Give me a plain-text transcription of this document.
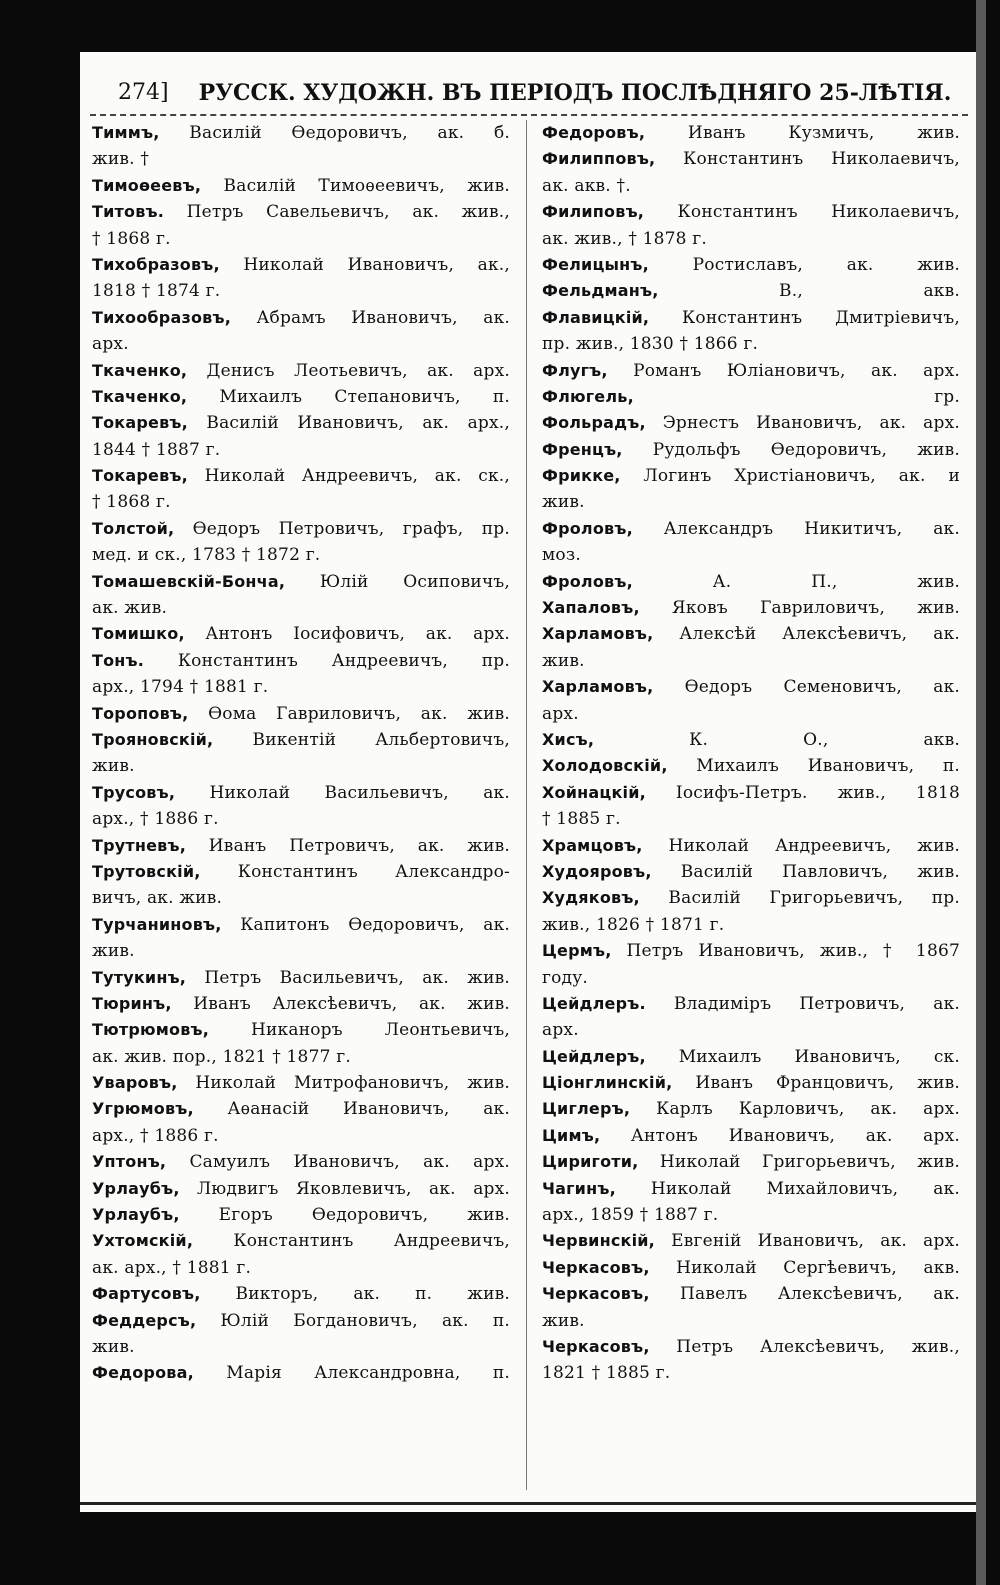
274] РУССК. ХУДОЖН. ВЪ ПЕРІОДЪ ПОСЛѢДНЯГО 25-ЛѢТІЯ.
Тиммъ, Василій Ѳедоровичъ, ак. б.
жив. †
Тимоѳеевъ, Василій Тимоѳеевичъ, жив.
Титовъ. Петръ Савельевичъ, ак. жив.,
† 1868 г.
Тихобразовъ, Николай Ивановичъ, ак.,
1818 † 1874 г.
Тихообразовъ, Абрамъ Ивановичъ, ак.
арх.
Ткаченко, Денисъ Леотьевичъ, ак. арх.
Ткаченко, Михаилъ Степановичъ, п.
Токаревъ, Василій Ивановичъ, ак. арх.,
1844 † 1887 г.
Токаревъ, Николай Андреевичъ, ак. ск.,
† 1868 г.
Толстой, Ѳедоръ Петровичъ, графъ, пр.
мед. и ск., 1783 † 1872 г.
Томашевскій-Бонча, Юлій Осиповичъ,
ак. жив.
Томишко, Антонъ Іосифовичъ, ак. арх.
Тонъ. Константинъ Андреевичъ, пр.
арх., 1794 † 1881 г.
Тороповъ, Ѳома Гавриловичъ, ак. жив.
Трояновскій, Викентій Альбертовичъ,
жив.
Трусовъ, Николай Васильевичъ, ак.
арх., † 1886 г.
Трутневъ, Иванъ Петровичъ, ак. жив.
Трутовскій, Константинъ Александро-
вичъ, ак. жив.
Турчаниновъ, Капитонъ Ѳедоровичъ, ак.
жив.
Тутукинъ, Петръ Васильевичъ, ак. жив.
Тюринъ, Иванъ Алексѣевичъ, ак. жив.
Тютрюмовъ, Никаноръ Леонтьевичъ,
ак. жив. пор., 1821 † 1877 г.
Уваровъ, Николай Митрофановичъ, жив.
Угрюмовъ, Аѳанасій Ивановичъ, ак.
арх., † 1886 г.
Уптонъ, Самуилъ Ивановичъ, ак. арх.
Урлаубъ, Людвигъ Яковлевичъ, ак. арх.
Урлаубъ, Егоръ Ѳедоровичъ, жив.
Ухтомскій, Константинъ Андреевичъ,
ак. арх., † 1881 г.
Фартусовъ, Викторъ, ак. п. жив.
Феддерсъ, Юлій Богдановичъ, ак. п.
жив.
Федорова, Марія Александровна, п.
Федоровъ, Иванъ Кузмичъ, жив.
Филипповъ, Константинъ Николаевичъ,
ак. акв. †.
Филиповъ, Константинъ Николаевичъ,
ак. жив., † 1878 г.
Фелицынъ, Ростиславъ, ак. жив.
Фельдманъ, В., акв.
Флавицкій, Константинъ Дмитріевичъ,
пр. жив., 1830 † 1866 г.
Флугъ, Романъ Юліановичъ, ак. арх.
Флюгель, гр.
Фольрадъ, Эрнестъ Ивановичъ, ак. арх.
Френцъ, Рудольфъ Ѳедоровичъ, жив.
Фрикке, Логинъ Христіановичъ, ак. и
жив.
Фроловъ, Александръ Никитичъ, ак.
моз.
Фроловъ, А. П., жив.
Хапаловъ, Яковъ Гавриловичъ, жив.
Харламовъ, Алексѣй Алексѣевичъ, ак.
жив.
Харламовъ, Ѳедоръ Семеновичъ, ак.
арх.
Хисъ, К. О., акв.
Холодовскій, Михаилъ Ивановичъ, п.
Хойнацкій, Іосифъ-Петръ. жив., 1818
† 1885 г.
Храмцовъ, Николай Андреевичъ, жив.
Худояровъ, Василій Павловичъ, жив.
Худяковъ, Василій Григорьевичъ, пр.
жив., 1826 † 1871 г.
Цермъ, Петръ Ивановичъ, жив., † 1867
году.
Цейдлеръ. Владиміръ Петровичъ, ак.
арх.
Цейдлеръ, Михаилъ Ивановичъ, ск.
Ціонглинскій, Иванъ Францовичъ, жив.
Циглеръ, Карлъ Карловичъ, ак. арх.
Цимъ, Антонъ Ивановичъ, ак. арх.
Цириготи, Николай Григорьевичъ, жив.
Чагинъ, Николай Михайловичъ, ак.
арх., 1859 † 1887 г.
Червинскій, Евгеній Ивановичъ, ак. арх.
Черкасовъ, Николай Сергѣевичъ, акв.
Черкасовъ, Павелъ Алексѣевичъ, ак.
жив.
Черкасовъ, Петръ Алексѣевичъ, жив.,
1821 † 1885 г.
